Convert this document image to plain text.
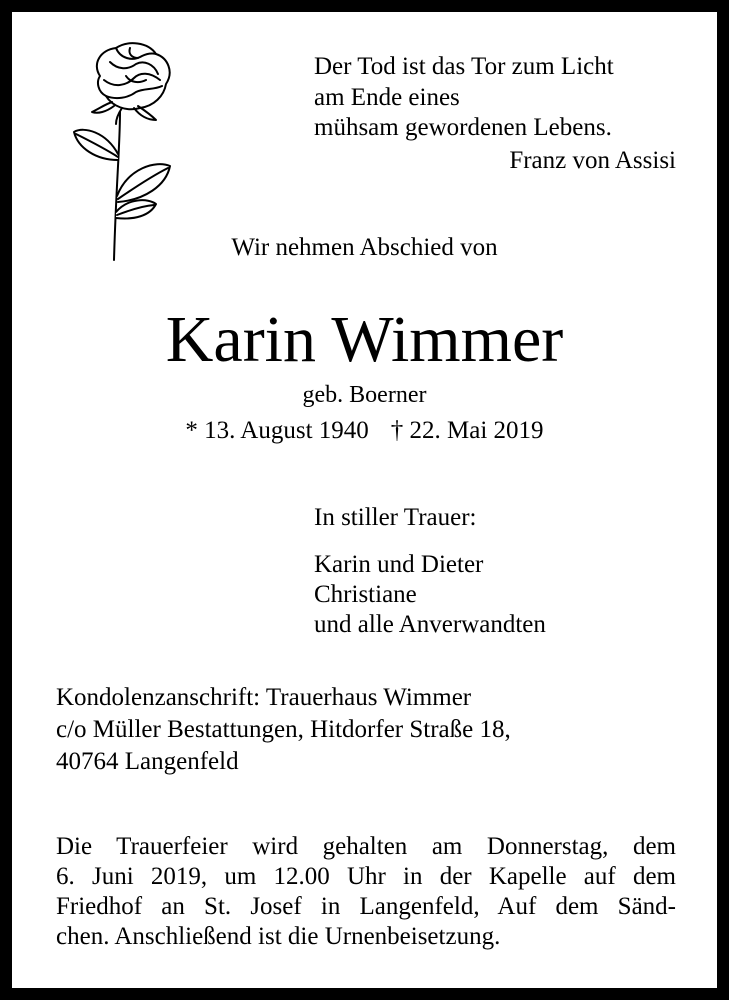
Der Tod ist das Tor zum Licht
am Ende eines
mühsam gewordenen Lebens.
Franz von Assisi
Wir nehmen Abschied von
Karin Wimmer
geb. Boerner
* 13. August 1940 † 22. Mai 2019
In stiller Trauer:
Karin und Dieter
Christiane
und alle Anverwandten
Kondolenzanschrift: Trauerhaus Wimmer
c/o Müller Bestattungen, Hitdorfer Straße 18,
40764 Langenfeld
Die Trauerfeier wird gehalten am Donnerstag, dem
6. Juni 2019, um 12.00 Uhr in der Kapelle auf dem
Friedhof an St. Josef in Langenfeld, Auf dem Sänd-
chen. Anschließend ist die Urnenbeisetzung.
